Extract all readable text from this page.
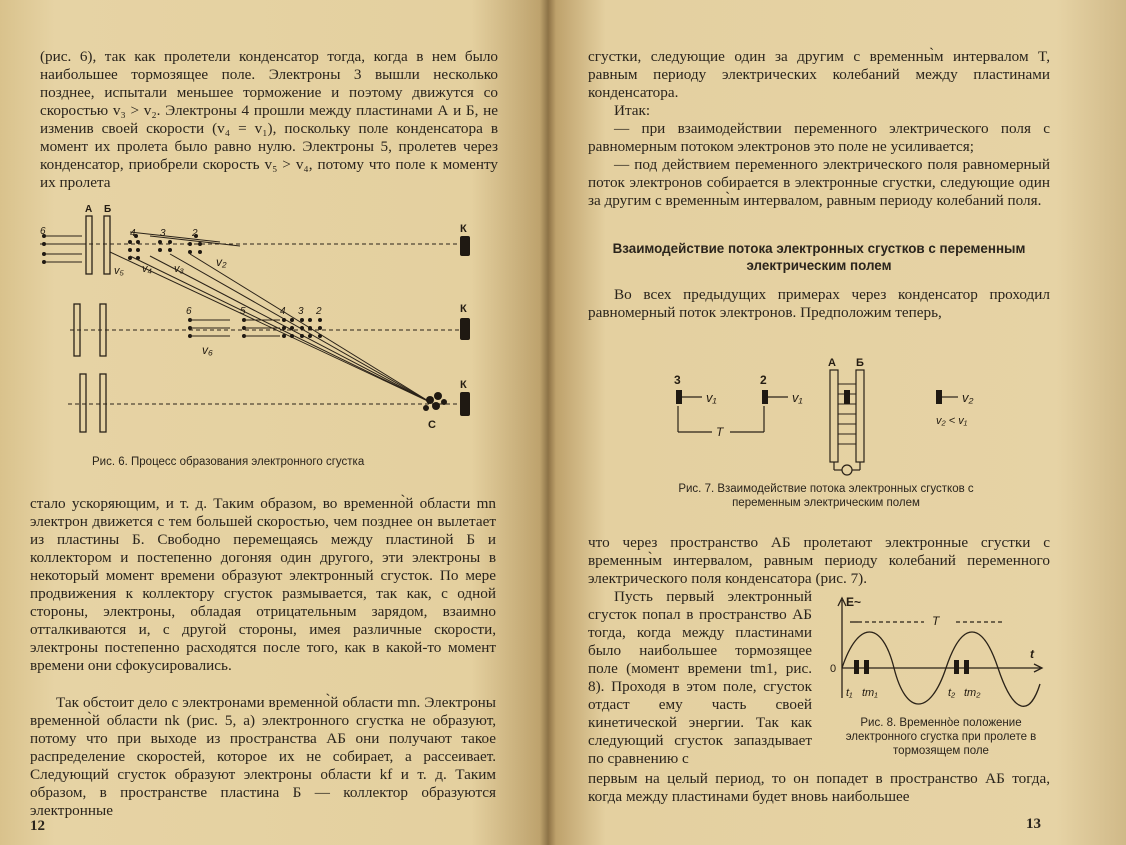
(рис. 6), так как пролетели конденсатор тогда, когда в нем было наибольшее тормозящее поле. Электроны 3 вышли несколько позднее, испытали меньшее торможение и поэтому движутся со скоростью v₃ > v₂. Электроны 4 прошли между пластинами А и Б, не изменив своей скорости (v₄ = v₁), поскольку поле конденсатора в момент их пролета было равно нулю. Электроны 5, пролетев через конденсатор, приобрели скорость v₅ > v₄, потому что поле к моменту их пролета

К
К
К
А Б
6	4 3	2
v₅ v₄ v₃	v₂
6	5	4 3 2
v₆
С
Рис. 6. Процесс образования электронного сгустка

стало ускоряющим, и т. д. Таким образом, во временно̀й области mn электрон движется с тем большей скоростью, чем позднее он вылетает из пластины Б. Свободно перемещаясь между пластиной Б и коллектором и постепенно догоняя один другого, эти электроны в некоторый момент времени образуют электронный сгусток. По мере продвижения к коллектору сгусток размывается, так как, с одной стороны, электроны, обладая отрицательным зарядом, взаимно отталкиваются и, с другой стороны, имея различные скорости, электроны постепенно расходятся после того, как в какой-то момент времени они сфокусировались.

Так обстоит дело с электронами временно̀й области mn. Электроны временно̀й области nk (рис. 5, а) электронного сгустка не образуют, потому что при выходе из пространства АБ они получают такое распределение скоростей, которое их не собирает, а рассеивает. Следующий сгусток образуют электроны области kf и т. д. Таким образом, в пространстве пластина Б — коллектор образуются электронные

12

сгустки, следующие один за другим с временны̀м интервалом T, равным периоду электрических колебаний между пластинами конденсатора.

Итак:

— при взаимодействии переменного электрического поля с равномерным потоком электронов это поле не усиливается;

— под действием переменного электрического поля равномерный поток электронов собирается в электронные сгустки, следующие один за другим с временны̀м интервалом, равным периоду колебаний поля.

Взаимодействие потока электронных сгустков с переменным электрическим полем

Во всех предыдущих примерах через конденсатор проходил равномерный поток электронов. Предположим теперь,

3	2
v₁	v₁
T
А Б
v₂
v₂ < v₁
Рис. 7. Взаимодействие потока электронных сгустков с переменным электрическим полем

что через пространство АБ пролетают электронные сгустки с временны̀м интервалом, равным периоду колебаний переменного электрического поля конденсатора (рис. 7).

Пусть первый электронный сгусток попал в пространство АБ тогда, когда между пластинами было наибольшее тормозящее поле (момент времени tm1, рис. 8). Проходя в этом поле, сгусток отдаст ему часть своей кинетической энергии. Так как следующий сгусток запаздывает по сравнению с

E~
T
t
0
t₁ tm₁	t₂ tm₂
Рис. 8. Временно̀е положение электронного сгустка при пролете в тормозящем поле

первым на целый период, то он попадет в пространство АБ тогда, когда между пластинами будет вновь наибольшее

13
